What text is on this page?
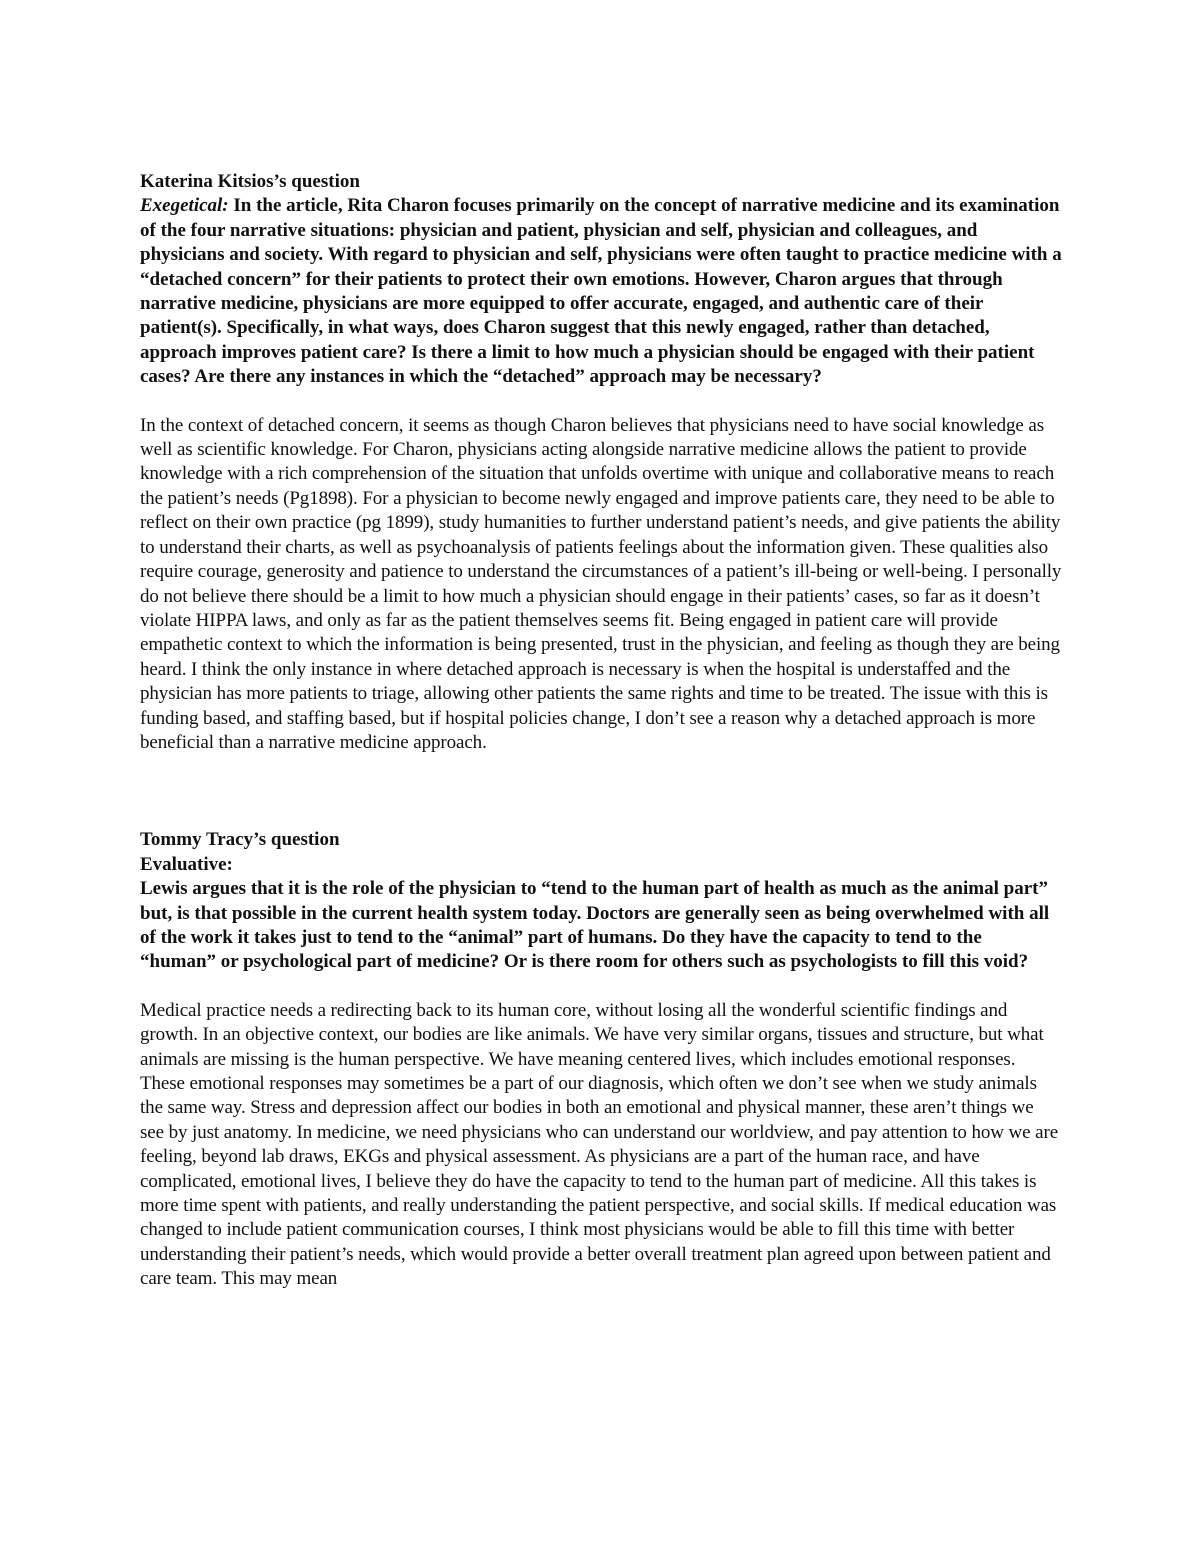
Katerina Kitsios’s question

Exegetical: In the article, Rita Charon focuses primarily on the concept of narrative medicine and its examination of the four narrative situations: physician and patient, physician and self, physician and colleagues, and physicians and society. With regard to physician and self, physicians were often taught to practice medicine with a “detached concern” for their patients to protect their own emotions. However, Charon argues that through narrative medicine, physicians are more equipped to offer accurate, engaged, and authentic care of their patient(s). Specifically, in what ways, does Charon suggest that this newly engaged, rather than detached, approach improves patient care? Is there a limit to how much a physician should be engaged with their patient cases? Are there any instances in which the “detached” approach may be necessary?

In the context of detached concern, it seems as though Charon believes that physicians need to have social knowledge as well as scientific knowledge. For Charon, physicians acting alongside narrative medicine allows the patient to provide knowledge with a rich comprehension of the situation that unfolds overtime with unique and collaborative means to reach the patient’s needs (Pg1898). For a physician to become newly engaged and improve patients care, they need to be able to reflect on their own practice (pg 1899), study humanities to further understand patient’s needs, and give patients the ability to understand their charts, as well as psychoanalysis of patients feelings about the information given. These qualities also require courage, generosity and patience to understand the circumstances of a patient’s ill-being or well-being. I personally do not believe there should be a limit to how much a physician should engage in their patients’ cases, so far as it doesn’t violate HIPPA laws, and only as far as the patient themselves seems fit. Being engaged in patient care will provide empathetic context to which the information is being presented, trust in the physician, and feeling as though they are being heard. I think the only instance in where detached approach is necessary is when the hospital is understaffed and the physician has more patients to triage, allowing other patients the same rights and time to be treated. The issue with this is funding based, and staffing based, but if hospital policies change, I don’t see a reason why a detached approach is more beneficial than a narrative medicine approach.

Tommy Tracy’s question

Evaluative:

Lewis argues that it is the role of the physician to “tend to the human part of health as much as the animal part” but, is that possible in the current health system today. Doctors are generally seen as being overwhelmed with all of the work it takes just to tend to the “animal” part of humans. Do they have the capacity to tend to the “human” or psychological part of medicine? Or is there room for others such as psychologists to fill this void?

Medical practice needs a redirecting back to its human core, without losing all the wonderful scientific findings and growth. In an objective context, our bodies are like animals. We have very similar organs, tissues and structure, but what animals are missing is the human perspective. We have meaning centered lives, which includes emotional responses. These emotional responses may sometimes be a part of our diagnosis, which often we don’t see when we study animals the same way. Stress and depression affect our bodies in both an emotional and physical manner, these aren’t things we see by just anatomy. In medicine, we need physicians who can understand our worldview, and pay attention to how we are feeling, beyond lab draws, EKGs and physical assessment. As physicians are a part of the human race, and have complicated, emotional lives, I believe they do have the capacity to tend to the human part of medicine. All this takes is more time spent with patients, and really understanding the patient perspective, and social skills. If medical education was changed to include patient communication courses, I think most physicians would be able to fill this time with better understanding their patient’s needs, which would provide a better overall treatment plan agreed upon between patient and care team. This may mean
